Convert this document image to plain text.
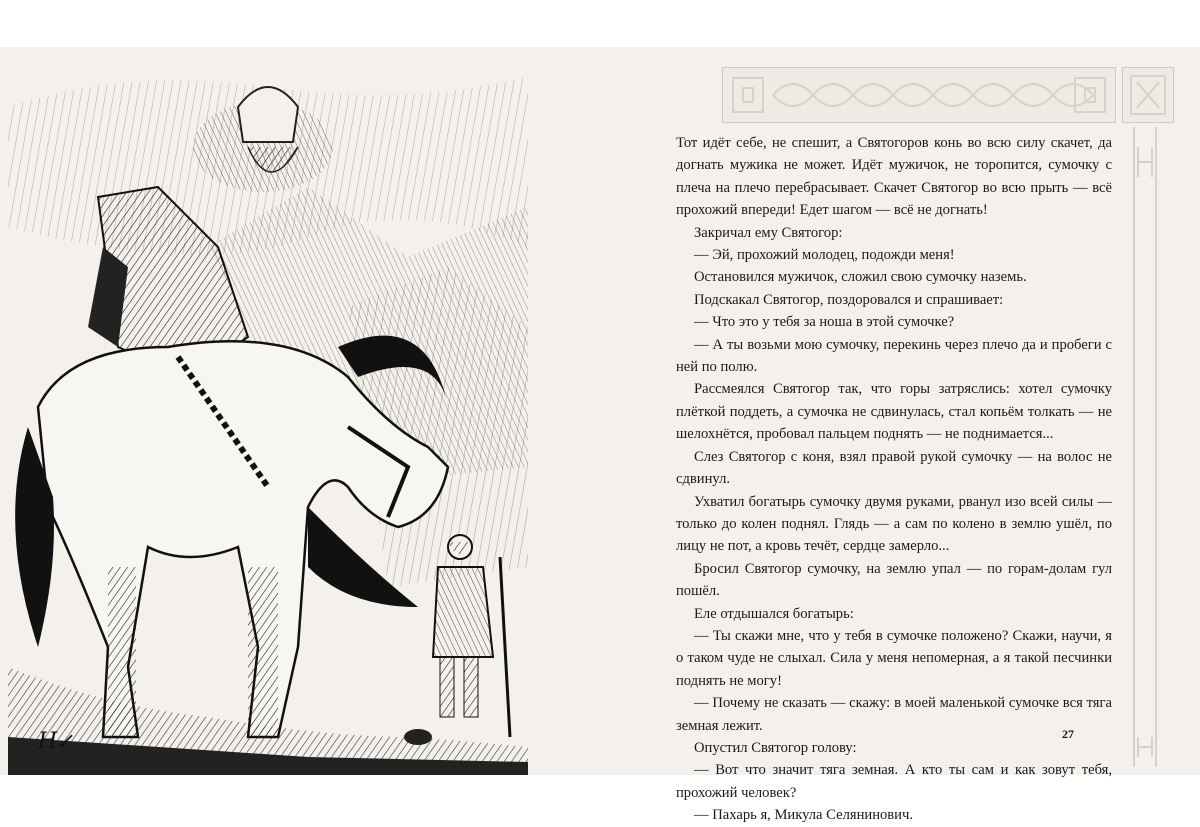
Н↙

Тот идёт себе, не спешит, а Святогоров конь во всю силу скачет, да догнать мужика не может. Идёт мужичок, не торопится, сумочку с плеча на плечо перебрасывает. Скачет Святогор во всю прыть — всё прохожий впереди! Едет шагом — всё не догнать!

Закричал ему Святогор:

— Эй, прохожий молодец, подожди меня!

Остановился мужичок, сложил свою сумочку наземь.

Подскакал Святогор, поздоровался и спрашивает:

— Что это у тебя за ноша в этой сумочке?

— А ты возьми мою сумочку, перекинь через плечо да и пробеги с ней по полю.

Рассмеялся Святогор так, что горы затряслись: хотел сумочку плёткой поддеть, а сумочка не сдвинулась, стал копьём толкать — не шелохнётся, пробовал пальцем поднять — не поднимается...

Слез Святогор с коня, взял правой рукой сумочку — на волос не сдвинул.

Ухватил богатырь сумочку двумя руками, рванул изо всей силы — только до колен поднял. Глядь — а сам по колено в землю ушёл, по лицу не пот, а кровь течёт, сердце замерло...

Бросил Святогор сумочку, на землю упал — по горам-долам гул пошёл.

Еле отдышался богатырь:

— Ты скажи мне, что у тебя в сумочке положено? Скажи, научи, я о таком чуде не слыхал. Сила у меня непомерная, а я такой песчинки поднять не могу!

— Почему не сказать — скажу: в моей маленькой сумочке вся тяга земная лежит.

Опустил Святогор голову:

— Вот что значит тяга земная. А кто ты сам и как зовут тебя, прохожий человек?

— Пахарь я, Микула Селянинович.

27
